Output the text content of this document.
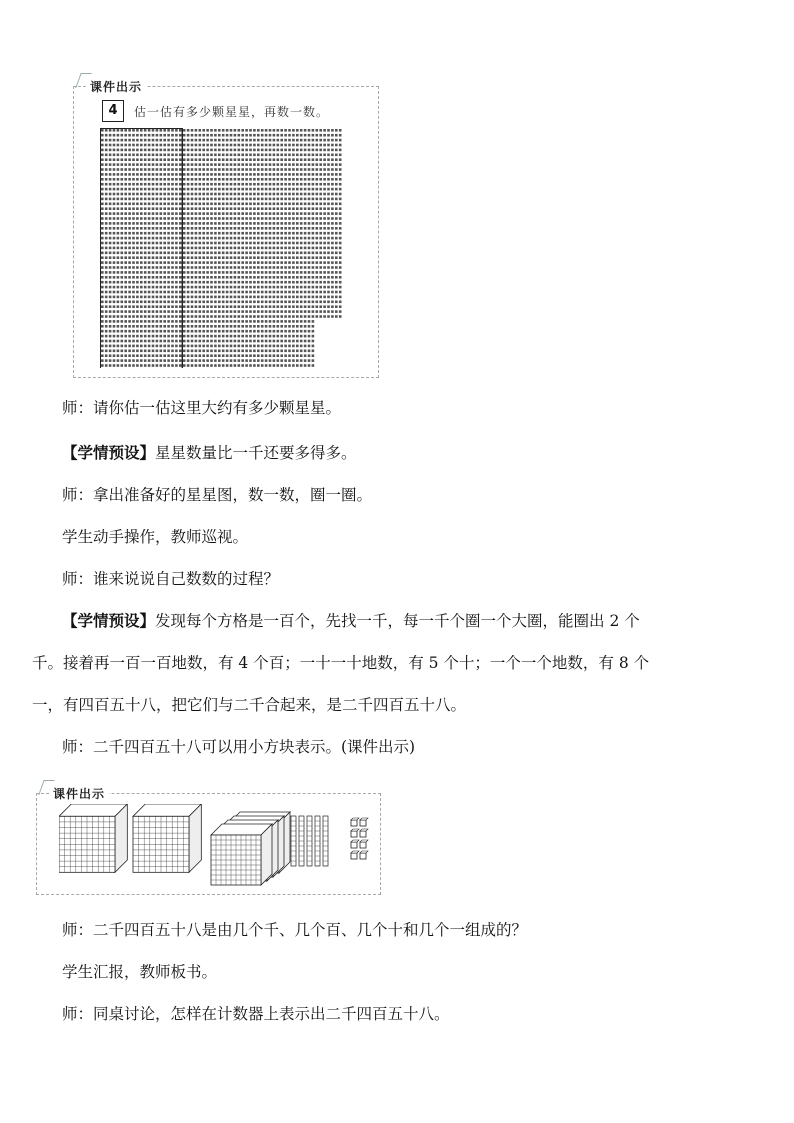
课件出示
4	估一估有多少颗星星，再数一数。
师：请你估一估这里大约有多少颗星星。
【学情预设】星星数量比一千还要多得多。
师：拿出准备好的星星图，数一数，圈一圈。
学生动手操作，教师巡视。
师：谁来说说自己数数的过程？
【学情预设】发现每个方格是一百个，先找一千，每一千个圈一个大圈，能圈出 2 个
千。接着再一百一百地数，有 4 个百；一十一十地数，有 5 个十；一个一个地数，有 8 个
一，有四百五十八，把它们与二千合起来，是二千四百五十八。
师：二千四百五十八可以用小方块表示。(课件出示)
课件出示
师：二千四百五十八是由几个千、几个百、几个十和几个一组成的？
学生汇报，教师板书。
师：同桌讨论，怎样在计数器上表示出二千四百五十八。
